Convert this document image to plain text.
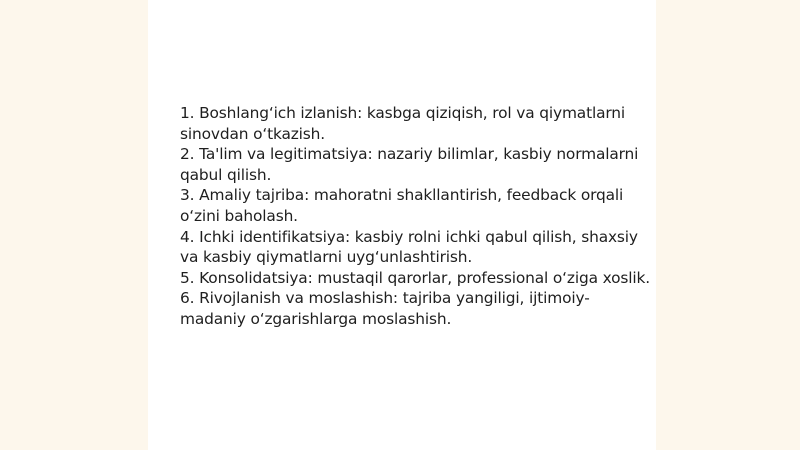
1. Boshlang‘ich izlanish: kasbga qiziqish, rol va qiymatlarni sinovdan o‘tkazish.

2. Ta'lim va legitimatsiya: nazariy bilimlar, kasbiy normalarni qabul qilish.

3. Amaliy tajriba: mahoratni shakllantirish, feedback orqali o‘zini baholash.

4. Ichki identifikatsiya: kasbiy rolni ichki qabul qilish, shaxsiy va kasbiy qiymatlarni uyg‘unlashtirish.

5. Konsolidatsiya: mustaqil qarorlar, professional o‘ziga xoslik.

6. Rivojlanish va moslashish: tajriba yangiligi, ijtimoiy-madaniy o‘zgarishlarga moslashish.
